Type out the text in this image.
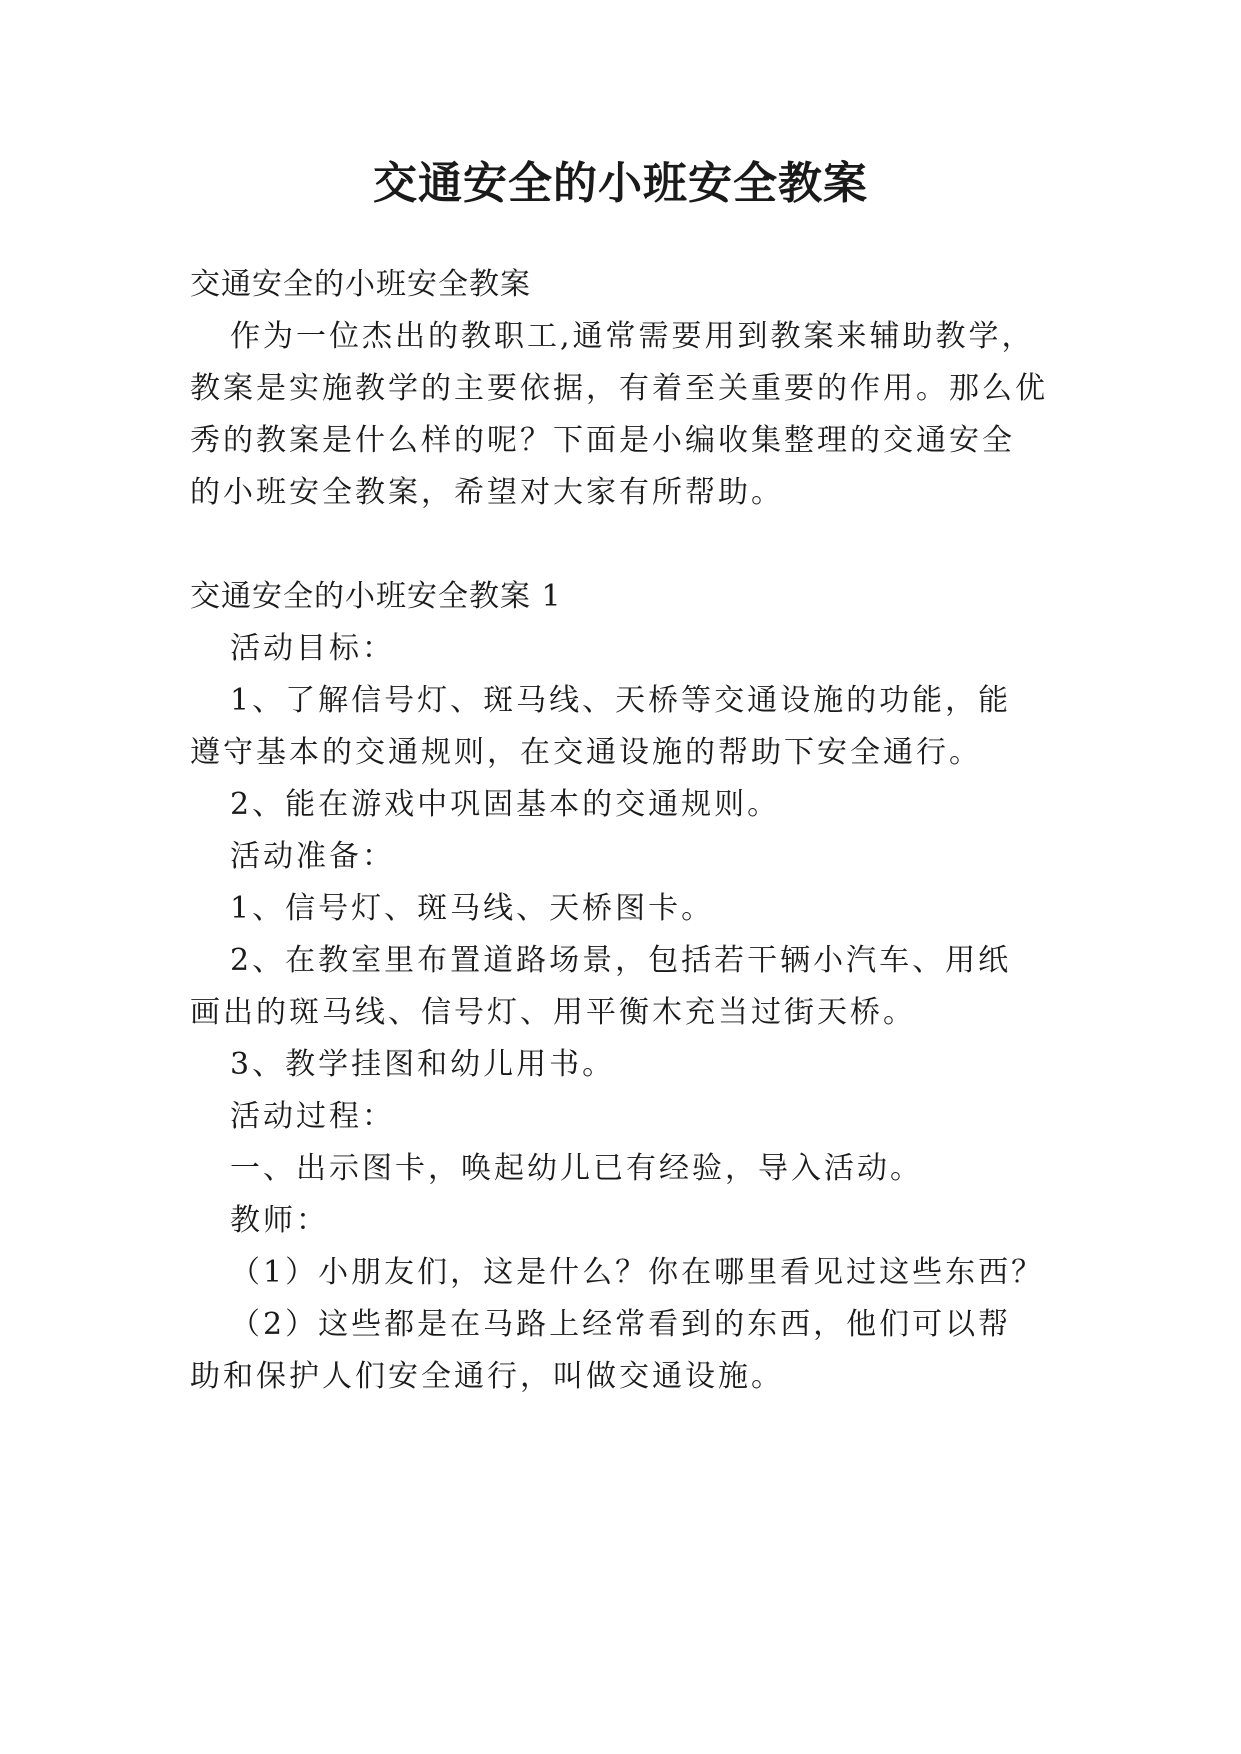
交通安全的小班安全教案
交通安全的小班安全教案
作为一位杰出的教职工,通常需要用到教案来辅助教学，
教案是实施教学的主要依据，有着至关重要的作用。那么优
秀的教案是什么样的呢？下面是小编收集整理的交通安全
的小班安全教案，希望对大家有所帮助。
交通安全的小班安全教案 1
活动目标：
1、了解信号灯、斑马线、天桥等交通设施的功能，能
遵守基本的交通规则，在交通设施的帮助下安全通行。
2、能在游戏中巩固基本的交通规则。
活动准备：
1、信号灯、斑马线、天桥图卡。
2、在教室里布置道路场景，包括若干辆小汽车、用纸
画出的斑马线、信号灯、用平衡木充当过街天桥。
3、教学挂图和幼儿用书。
活动过程：
一、出示图卡，唤起幼儿已有经验，导入活动。
教师：
（1）小朋友们，这是什么？你在哪里看见过这些东西？
（2）这些都是在马路上经常看到的东西，他们可以帮
助和保护人们安全通行，叫做交通设施。
